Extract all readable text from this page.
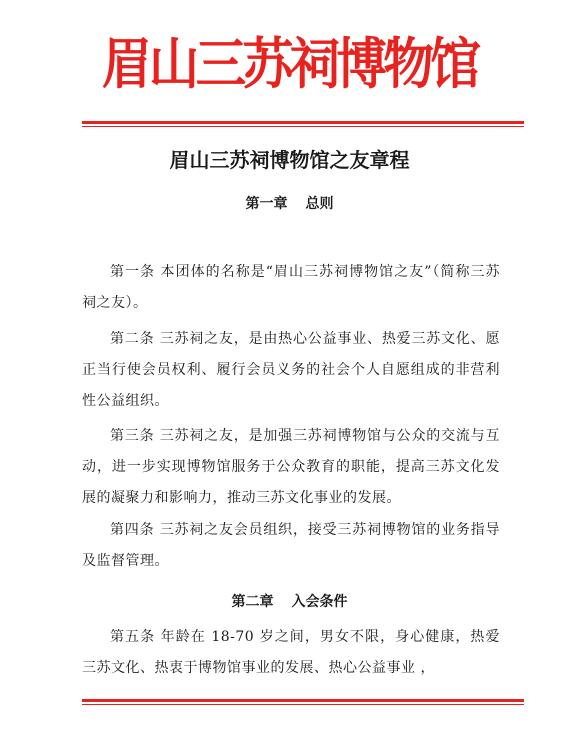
眉山三苏祠博物馆
眉山三苏祠博物馆之友章程
第一章 总则
第一条 本团体的名称是“眉山三苏祠博物馆之友”（简称三苏祠之友）。
第二条 三苏祠之友，是由热心公益事业、热爱三苏文化、愿正当行使会员权利、履行会员义务的社会个人自愿组成的非营利性公益组织。
第三条 三苏祠之友，是加强三苏祠博物馆与公众的交流与互动，进一步实现博物馆服务于公众教育的职能，提高三苏文化发展的凝聚力和影响力，推动三苏文化事业的发展。
第四条 三苏祠之友会员组织，接受三苏祠博物馆的业务指导及监督管理。
第二章 入会条件
第五条 年龄在 18-70 岁之间，男女不限，身心健康，热爱三苏文化、热衷于博物馆事业的发展、热心公益事业 ，
